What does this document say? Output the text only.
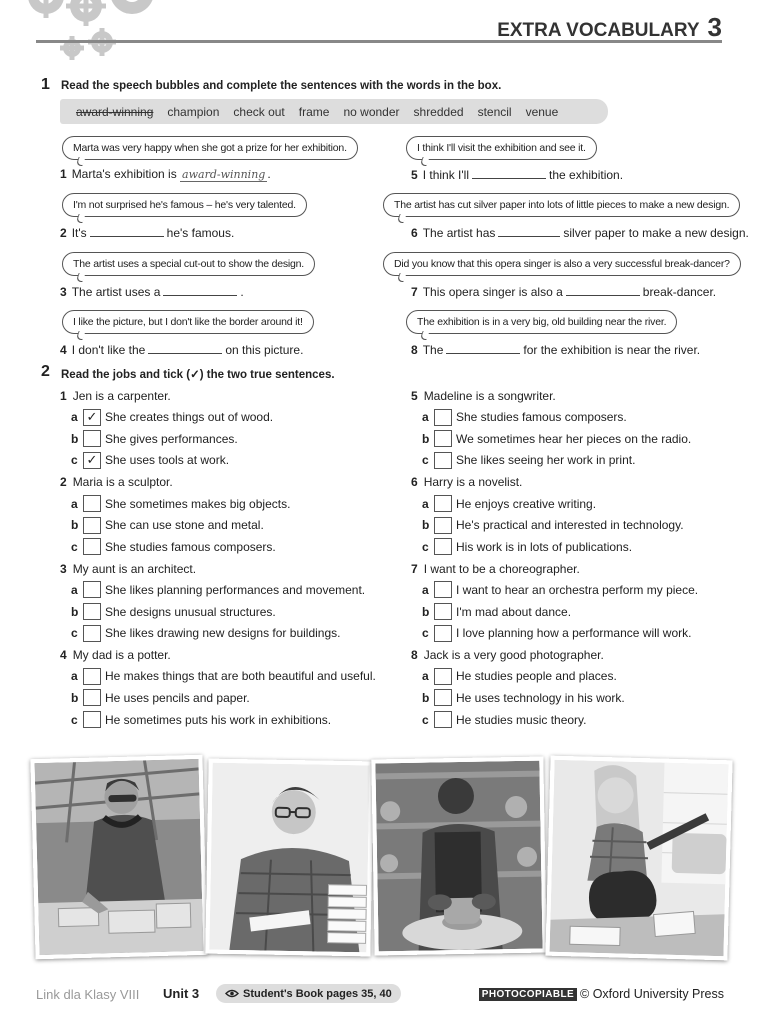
EXTRA VOCABULARY 3
1 Read the speech bubbles and complete the sentences with the words in the box.
award-winning champion check out frame no wonder shredded stencil venue
Marta was very happy when she got a prize for her exhibition.
I'm not surprised he's famous – he's very talented.
The artist uses a special cut-out to show the design.
I like the picture, but I don't like the border around it!
I think I'll visit the exhibition and see it.
The artist has cut silver paper into lots of little pieces to make a new design.
Did you know that this opera singer is also a very successful break-dancer?
The exhibition is in a very big, old building near the river.
1 Marta's exhibition is award-winning .
2 It's	he's famous.
3 The artist uses a	.
4 I don't like the	on this picture.
5 I think I'll	the exhibition.
6 The artist has	silver paper to make a new design.
7 This opera singer is also a	break-dancer.
8 The	for the exhibition is near the river.
2 Read the jobs and tick (✓) the two true sentences.
1 Jen is a carpenter.
a ✓ She creates things out of wood.
b	She gives performances.
c ✓ She uses tools at work.
2 Maria is a sculptor.
a	She sometimes makes big objects.
b	She can use stone and metal.
c	She studies famous composers.
3 My aunt is an architect.
a	She likes planning performances and movement.
b	She designs unusual structures.
c	She likes drawing new designs for buildings.
4 My dad is a potter.
a	He makes things that are both beautiful and useful.
b	He uses pencils and paper.
c	He sometimes puts his work in exhibitions.
5 Madeline is a songwriter.
a	She studies famous composers.
b	We sometimes hear her pieces on the radio.
c	She likes seeing her work in print.
6 Harry is a novelist.
a	He enjoys creative writing.
b	He's practical and interested in technology.
c	His work is in lots of publications.
7 I want to be a choreographer.
a	I want to hear an orchestra perform my piece.
b	I'm mad about dance.
c	I love planning how a performance will work.
8 Jack is a very good photographer.
a	He studies people and places.
b	He uses technology in his work.
c	He studies music theory.
Link dla Klasy VIII Unit 3	Student's Book pages 35, 40	PHOTOCOPIABLE © Oxford University Press
